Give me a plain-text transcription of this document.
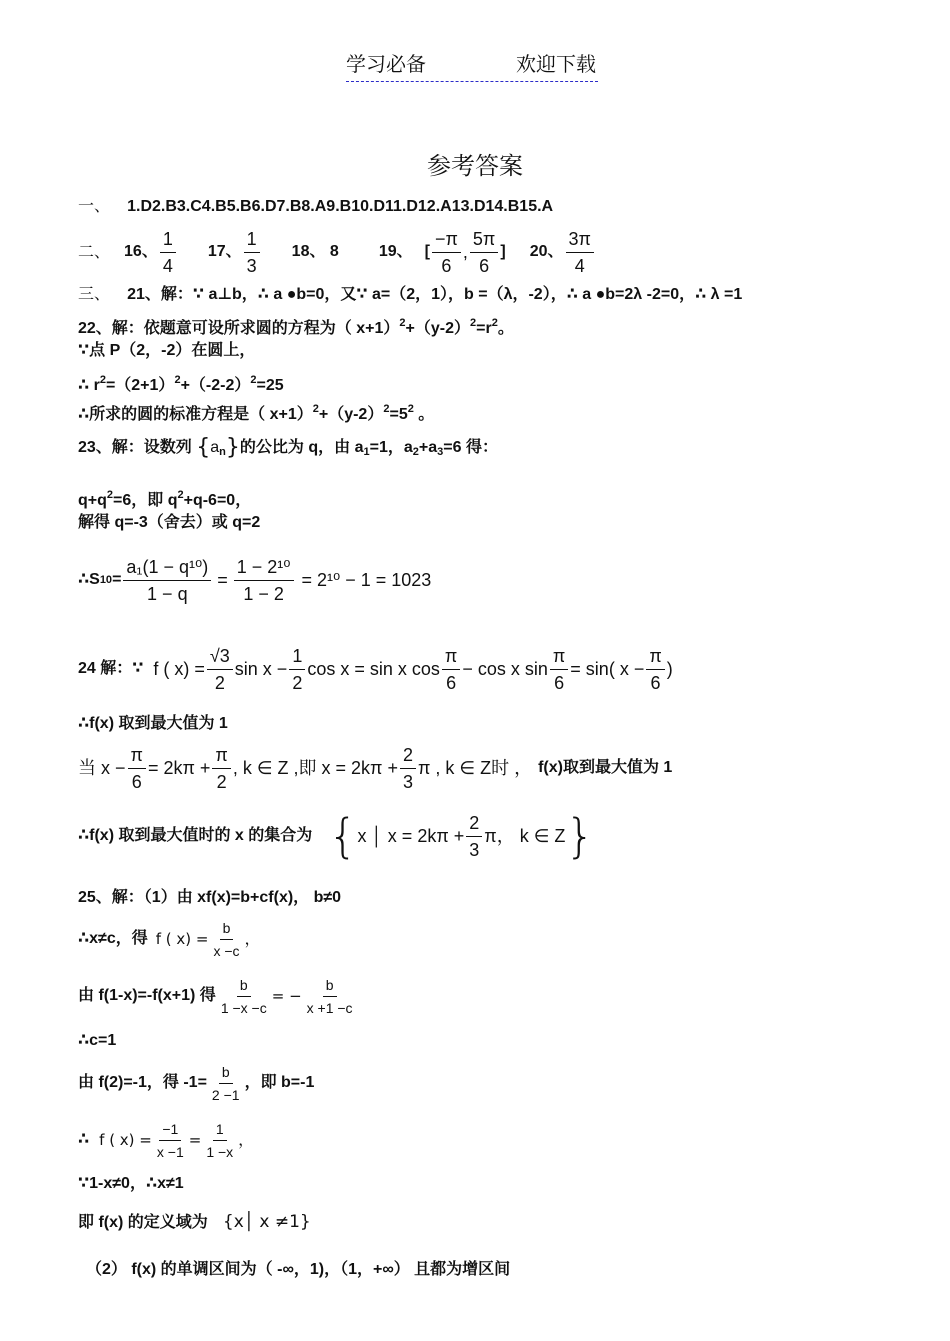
学习必备	欢迎下载
参考答案
一、 1.D2.B3.C4.B5.B6.D7.B8.A9.B10.D11.D12.A13.D14.B15.A
二、 16、
1
4
17、
1
3
18、 8	19、 [
−π
6
,
5π
6
] 20、
3π
4
三、 21、解：∵ a⊥b，∴ a ●b=0，又∵ a=（2，1），b =（λ，-2），∴ a ●b=2λ -2=0，∴ λ =1
22、解：依题意可设所求圆的方程为（ $x+1)^2+(y-2)^2=r^2$。
∵点 P（2，-2）在圆上，
∴ $r^2=(2+1)^2+(-2-2)^2=25$
∴所求的圆的标准方程是（ $x+1)^2+(y-2)^2=5^2$ 。
23、解：设数列 $\{a_n\}$的公比为 q，由 $a_1=1$，$a_2+a_3=6$ 得：
$q+q^2=6$，即 $q^2+q-6=0$，
解得 q=-3（舍去）或 q=2
∴S $10 = \frac{\text{a₁(1 − q¹⁰)}}{1 - q} = \frac{\text{1 − 2¹⁰}}{1 - 2} = 2^{10} - 1 = 1023$
24 解：∵ f ( $x) = \frac{√3}{2}$ $\sin x - \frac{1}{2}$ cos x = sin x cos
π
6
− cos x $\sin \frac{\pi}{6} = \sin$( $x - \frac{\pi}{6}$ )
∴f(x) 取到最大值为 1
当 $x - \frac{\pi}{6} = 2k\pi + \frac{\pi}{2}$ , k ∈ Z ,即 $x = 2k\pi + \frac{2}{3}$ π , k ∈ Z时 ， f(x)取到最大值为 1
∴f(x) 取到最大值时的 x 的集合为 { x │ $x = 2k\pi + \frac{2}{3}$ π， k ∈ Z }
25、解：（1）由 xf(x)=b+cf(x)， b≠0
∴x≠c，得 f ( $x) = \frac{b}{x -c}$ ，
由 f(1-x)=-f(x+1) 得 $\frac{b}{1 -x -c}$ = − $\frac{b}{x +1 -c}$
∴c=1
由 f(2)=-1，得 $-1= \frac{b}{2 -1}$ ，即 b=-1
∴ f ( $x) = \frac{-1}{x -1} = \frac{1}{1 -x}$ ，
∵1-x≠0，∴x≠1
即 f(x) 的定义域为 {x│ x ≠1}
（2） f(x) 的单调区间为（ -∞，1)，（1，+∞） 且都为增区间
